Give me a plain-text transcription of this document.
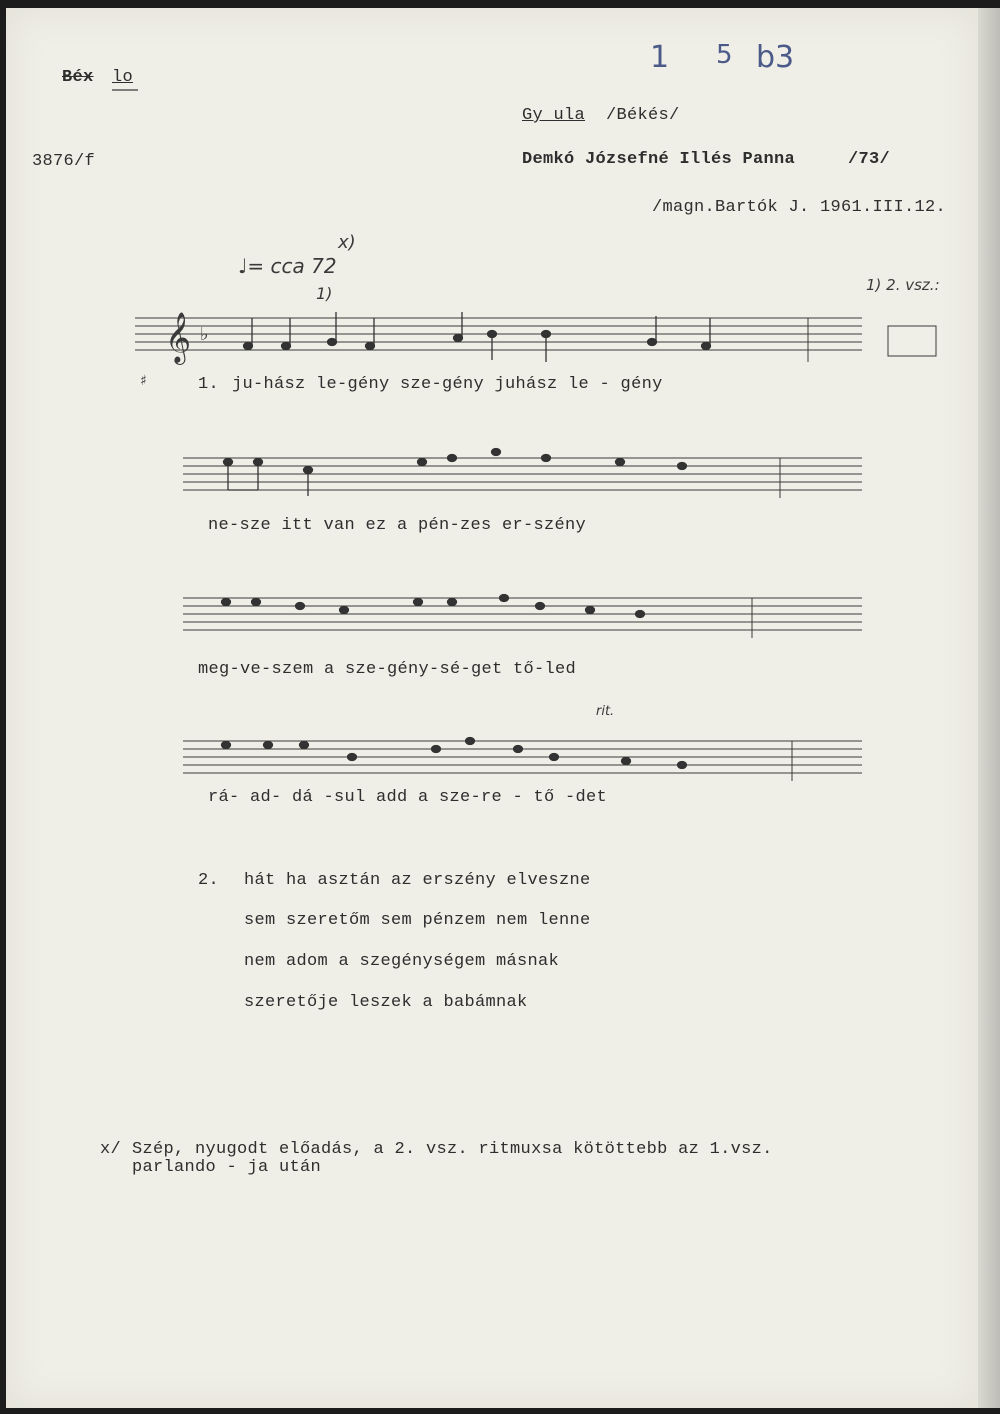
Béx lo
3876/f
Gy ula /Békés/
Demkó Józsefné Illés Panna	/73/
/magn.Bartók J. 1961.III.12.
1 5 b3
♩= cca 72
x)
1)	1) 2. vsz.:
rit.
1. ju-hász le-gény sze-gény juhász le - gény
ne-sze itt van ez a pén-zes er-szény
meg-ve-szem a sze-gény-sé-get tő-led
rá- ad- dá -sul add a sze-re - tő -det
2. hát ha asztán az erszény elveszne
sem szeretőm sem pénzem nem lenne
nem adom a szegénységem másnak
szeretője leszek a babámnak
x/ Szép, nyugodt előadás, a 2. vsz. ritmuxsa kötöttebb az 1.vsz.
parlando - ja után
𝄞 ♭
♯
